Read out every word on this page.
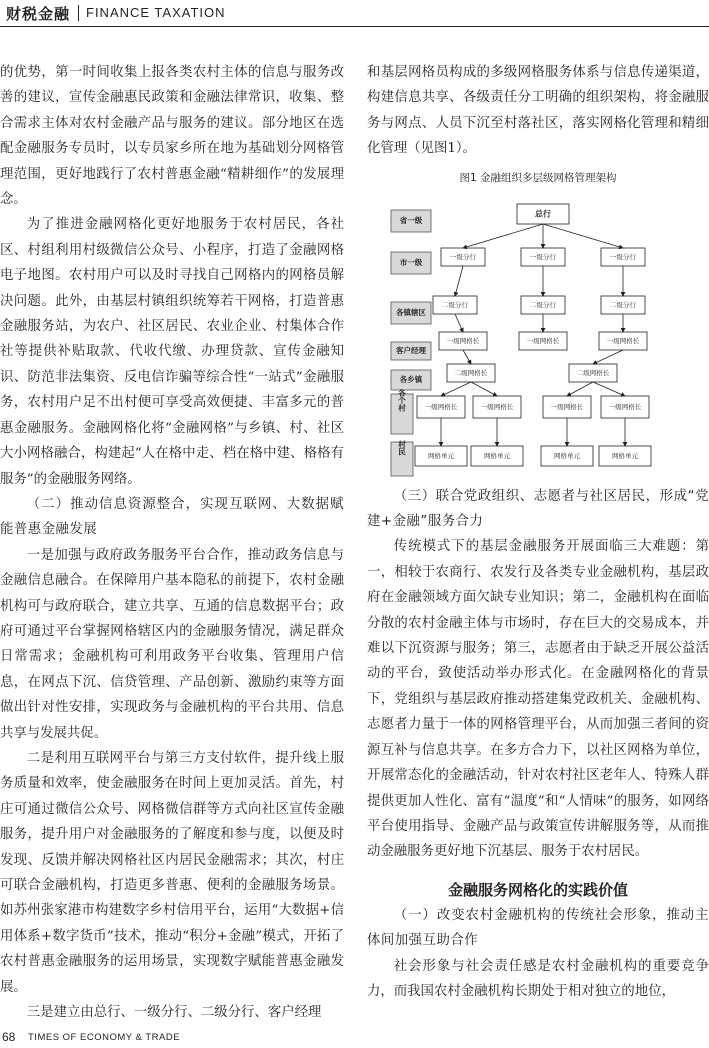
财税金融 FINANCE TAXATION

的优势，第一时间收集上报各类农村主体的信息与服务改善的建议，宣传金融惠民政策和金融法律常识，收集、整合需求主体对农村金融产品与服务的建议。部分地区在选配金融服务专员时，以专员家乡所在地为基础划分网格管理范围，更好地践行了农村普惠金融“精耕细作”的发展理念。

为了推进金融网格化更好地服务于农村居民，各社区、村组利用村级微信公众号、小程序，打造了金融网格电子地图。农村用户可以及时寻找自己网格内的网格员解决问题。此外，由基层村镇组织统筹若干网格，打造普惠金融服务站，为农户、社区居民、农业企业、村集体合作社等提供补贴取款、代收代缴、办理贷款、宣传金融知识、防范非法集资、反电信诈骗等综合性“一站式”金融服务，农村用户足不出村便可享受高效便捷、丰富多元的普惠金融服务。金融网格化将“金融网格”与乡镇、村、社区大小网格融合，构建起“人在格中走、档在格中建、格格有服务”的金融服务网络。

（二）推动信息资源整合，实现互联网、大数据赋能普惠金融发展

一是加强与政府政务服务平台合作，推动政务信息与金融信息融合。在保障用户基本隐私的前提下，农村金融机构可与政府联合，建立共享、互通的信息数据平台；政府可通过平台掌握网格辖区内的金融服务情况，满足群众日常需求；金融机构可利用政务平台收集、管理用户信息，在网点下沉、信贷管理、产品创新、激励约束等方面做出针对性安排，实现政务与金融机构的平台共用、信息共享与发展共促。

二是利用互联网平台与第三方支付软件，提升线上服务质量和效率，使金融服务在时间上更加灵活。首先，村庄可通过微信公众号、网格微信群等方式向社区宣传金融服务，提升用户对金融服务的了解度和参与度，以便及时发现、反馈并解决网格社区内居民金融需求；其次，村庄可联合金融机构，打造更多普惠、便利的金融服务场景。如苏州张家港市构建数字乡村信用平台，运用“大数据+信用体系+数字货币”技术，推动“积分+金融”模式，开拓了农村普惠金融服务的运用场景，实现数字赋能普惠金融发展。

三是建立由总行、一级分行、二级分行、客户经理

和基层网格员构成的多级网格服务体系与信息传递渠道，构建信息共享、各级责任分工明确的组织架构，将金融服务与网点、人员下沉至村落社区，落实网格化管理和精细化管理（见图1）。

图1 金融组织多层级网格管理架构
省一级
市一级
各镇辖区
客户经理
各乡镇
各个村
村民
总行
一级分行	一级分行	一级分行
二级分行	二级分行	二级分行
一级网格长	一级网格长	一级网格长
二级网格长	二级网格长
一级网格长	一级网格长	一级网格长	一级网格长
网格单元	网格单元	网格单元	网格单元

（三）联合党政组织、志愿者与社区居民，形成“党建+金融”服务合力

传统模式下的基层金融服务开展面临三大难题：第一，相较于农商行、农发行及各类专业金融机构，基层政府在金融领域方面欠缺专业知识；第二，金融机构在面临分散的农村金融主体与市场时，存在巨大的交易成本，并难以下沉资源与服务；第三，志愿者由于缺乏开展公益活动的平台，致使活动举办形式化。在金融网格化的背景下，党组织与基层政府推动搭建集党政机关、金融机构、志愿者力量于一体的网格管理平台，从而加强三者间的资源互补与信息共享。在多方合力下，以社区网格为单位，开展常态化的金融活动，针对农村社区老年人、特殊人群提供更加人性化、富有“温度”和“人情味”的服务，如网络平台使用指导、金融产品与政策宣传讲解服务等，从而推动金融服务更好地下沉基层、服务于农村居民。

金融服务网格化的实践价值

（一）改变农村金融机构的传统社会形象，推动主体间加强互助合作

社会形象与社会责任感是农村金融机构的重要竞争力，而我国农村金融机构长期处于相对独立的地位，

68 TIMES OF ECONOMY & TRADE
